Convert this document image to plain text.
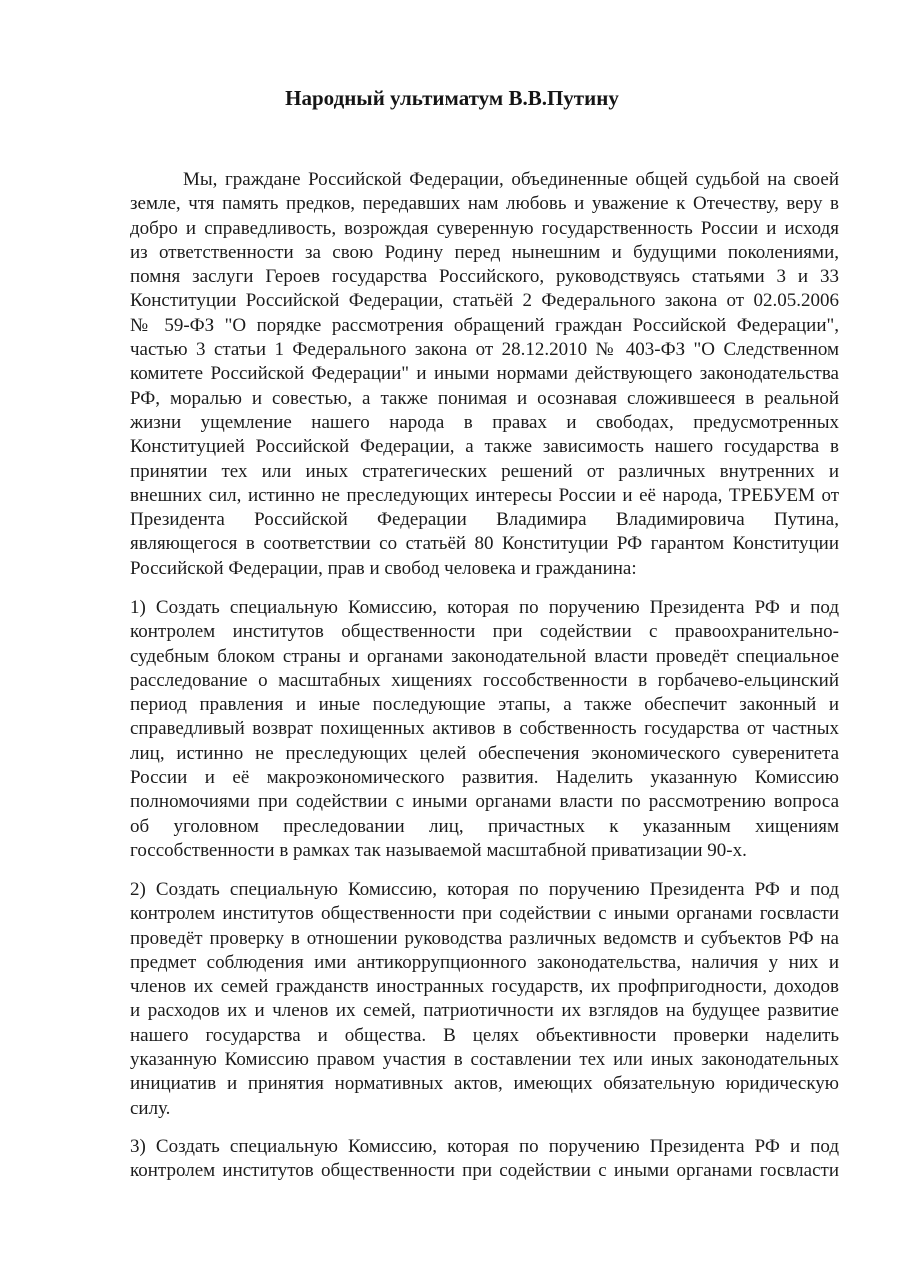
Народный ультиматум В.В.Путину
Мы, граждане Российской Федерации, объединенные общей судьбой на своей
земле, чтя память предков, передавших нам любовь и уважение к Отечеству, веру в
добро и справедливость, возрождая суверенную государственность России и исходя
из ответственности за свою Родину перед нынешним и будущими поколениями,
помня заслуги Героев государства Российского, руководствуясь статьями 3 и 33
Конституции Российской Федерации, статьёй 2 Федерального закона от 02.05.2006
№ 59-ФЗ "О порядке рассмотрения обращений граждан Российской Федерации",
частью 3 статьи 1 Федерального закона от 28.12.2010 № 403-ФЗ "О Следственном
комитете Российской Федерации" и иными нормами действующего законодательства
РФ, моралью и совестью, а также понимая и осознавая сложившееся в реальной
жизни ущемление нашего народа в правах и свободах, предусмотренных
Конституцией Российской Федерации, а также зависимость нашего государства в
принятии тех или иных стратегических решений от различных внутренних и
внешних сил, истинно не преследующих интересы России и её народа, ТРЕБУЕМ от
Президента Российской Федерации Владимира Владимировича Путина,
являющегося в соответствии со статьёй 80 Конституции РФ гарантом Конституции
Российской Федерации, прав и свобод человека и гражданина:
1) Создать специальную Комиссию, которая по поручению Президента РФ и под
контролем институтов общественности при содействии с правоохранительно-
судебным блоком страны и органами законодательной власти проведёт специальное
расследование о масштабных хищениях госсобственности в горбачево-ельцинский
период правления и иные последующие этапы, а также обеспечит законный и
справедливый возврат похищенных активов в собственность государства от частных
лиц, истинно не преследующих целей обеспечения экономического суверенитета
России и её макроэкономического развития. Наделить указанную Комиссию
полномочиями при содействии с иными органами власти по рассмотрению вопроса
об уголовном преследовании лиц, причастных к указанным хищениям
госсобственности в рамках так называемой масштабной приватизации 90-х.
2) Создать специальную Комиссию, которая по поручению Президента РФ и под
контролем институтов общественности при содействии с иными органами госвласти
проведёт проверку в отношении руководства различных ведомств и субъектов РФ на
предмет соблюдения ими антикоррупционного законодательства, наличия у них и
членов их семей гражданств иностранных государств, их профпригодности, доходов
и расходов их и членов их семей, патриотичности их взглядов на будущее развитие
нашего государства и общества. В целях объективности проверки наделить
указанную Комиссию правом участия в составлении тех или иных законодательных
инициатив и принятия нормативных актов, имеющих обязательную юридическую
силу.
3) Создать специальную Комиссию, которая по поручению Президента РФ и под
контролем институтов общественности при содействии с иными органами госвласти
